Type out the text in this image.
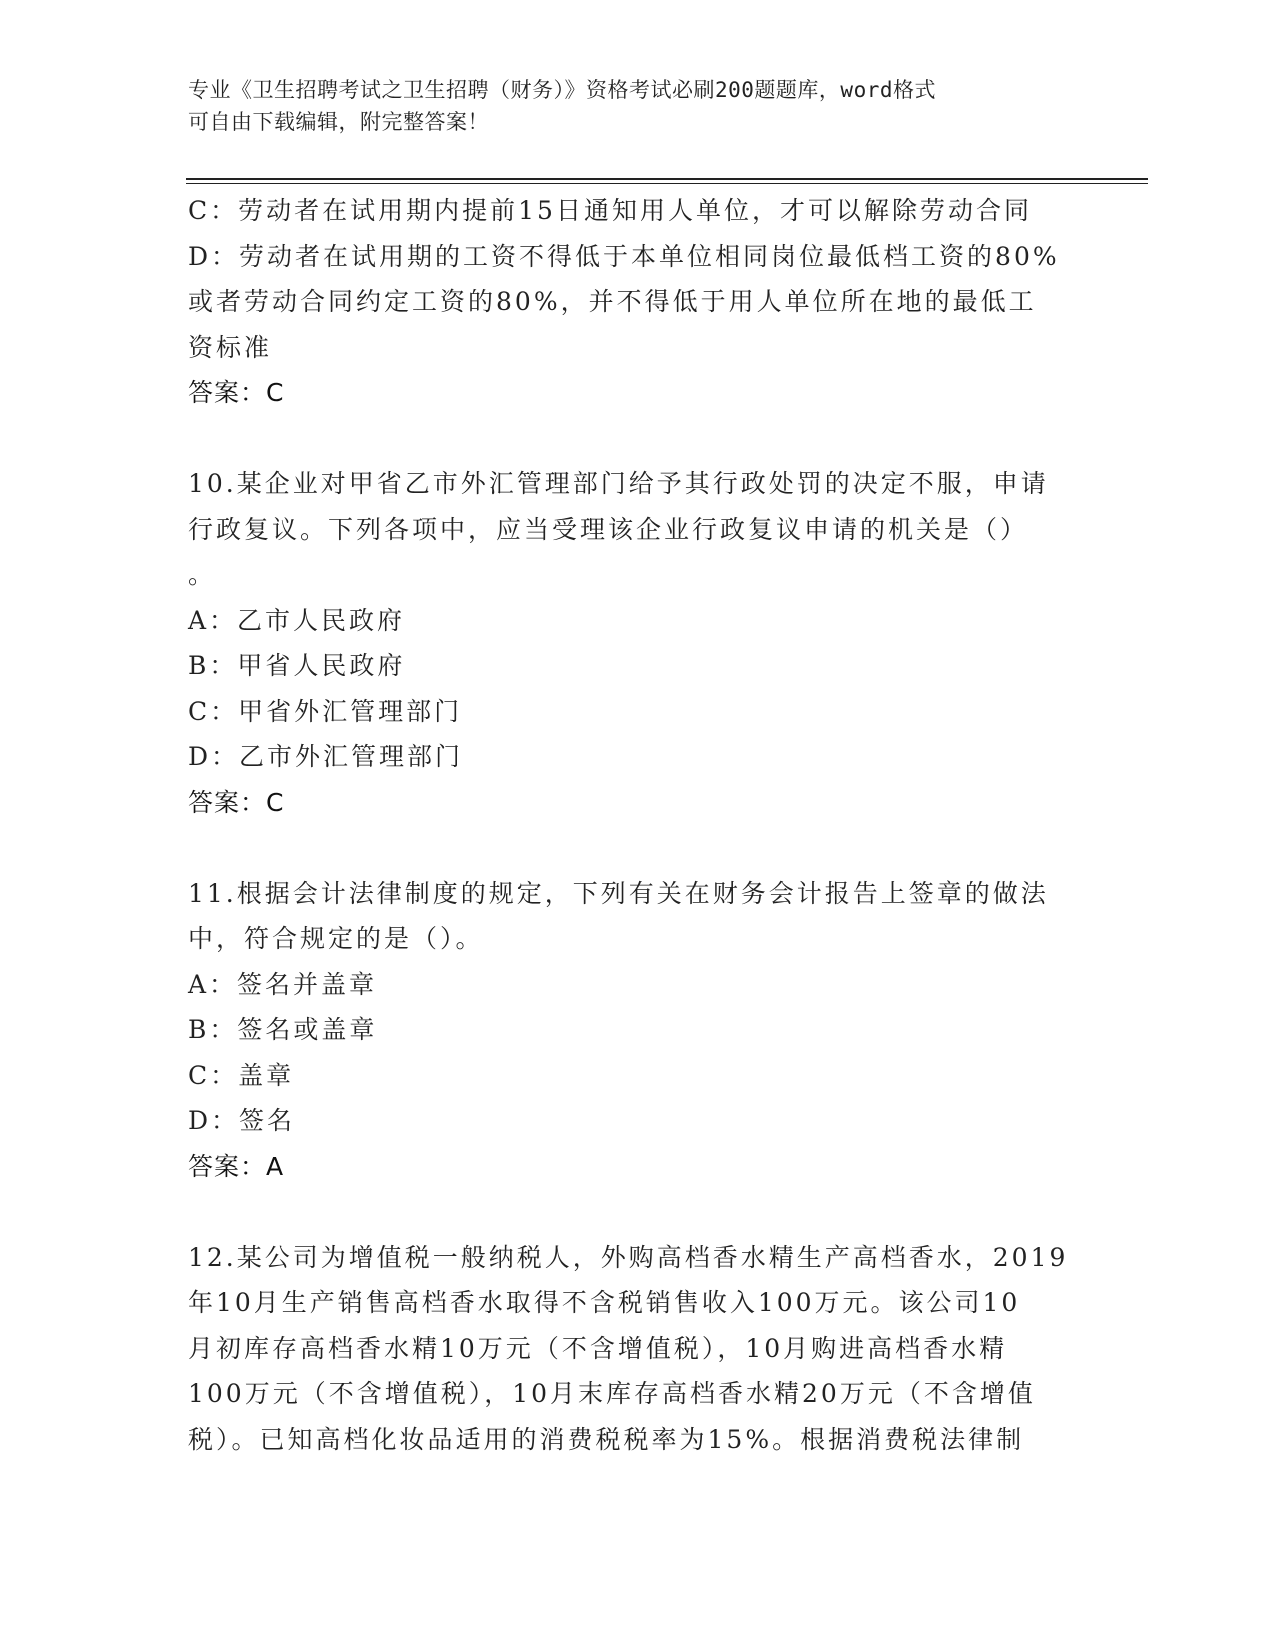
专业《卫生招聘考试之卫生招聘（财务）》资格考试必刷200题题库，word格式
可自由下载编辑，附完整答案！
C：劳动者在试用期内提前15日通知用人单位，才可以解除劳动合同
D：劳动者在试用期的工资不得低于本单位相同岗位最低档工资的80%
或者劳动合同约定工资的80%，并不得低于用人单位所在地的最低工
资标准
答案：C
10.某企业对甲省乙市外汇管理部门给予其行政处罚的决定不服，申请
行政复议。下列各项中，应当受理该企业行政复议申请的机关是（）
。
A：乙市人民政府
B：甲省人民政府
C：甲省外汇管理部门
D：乙市外汇管理部门
答案：C
11.根据会计法律制度的规定，下列有关在财务会计报告上签章的做法
中，符合规定的是（）。
A：签名并盖章
B：签名或盖章
C：盖章
D：签名
答案：A
12.某公司为增值税一般纳税人，外购高档香水精生产高档香水，2019
年10月生产销售高档香水取得不含税销售收入100万元。该公司10
月初库存高档香水精10万元（不含增值税），10月购进高档香水精
100万元（不含增值税），10月末库存高档香水精20万元（不含增值
税）。已知高档化妆品适用的消费税税率为15%。根据消费税法律制
